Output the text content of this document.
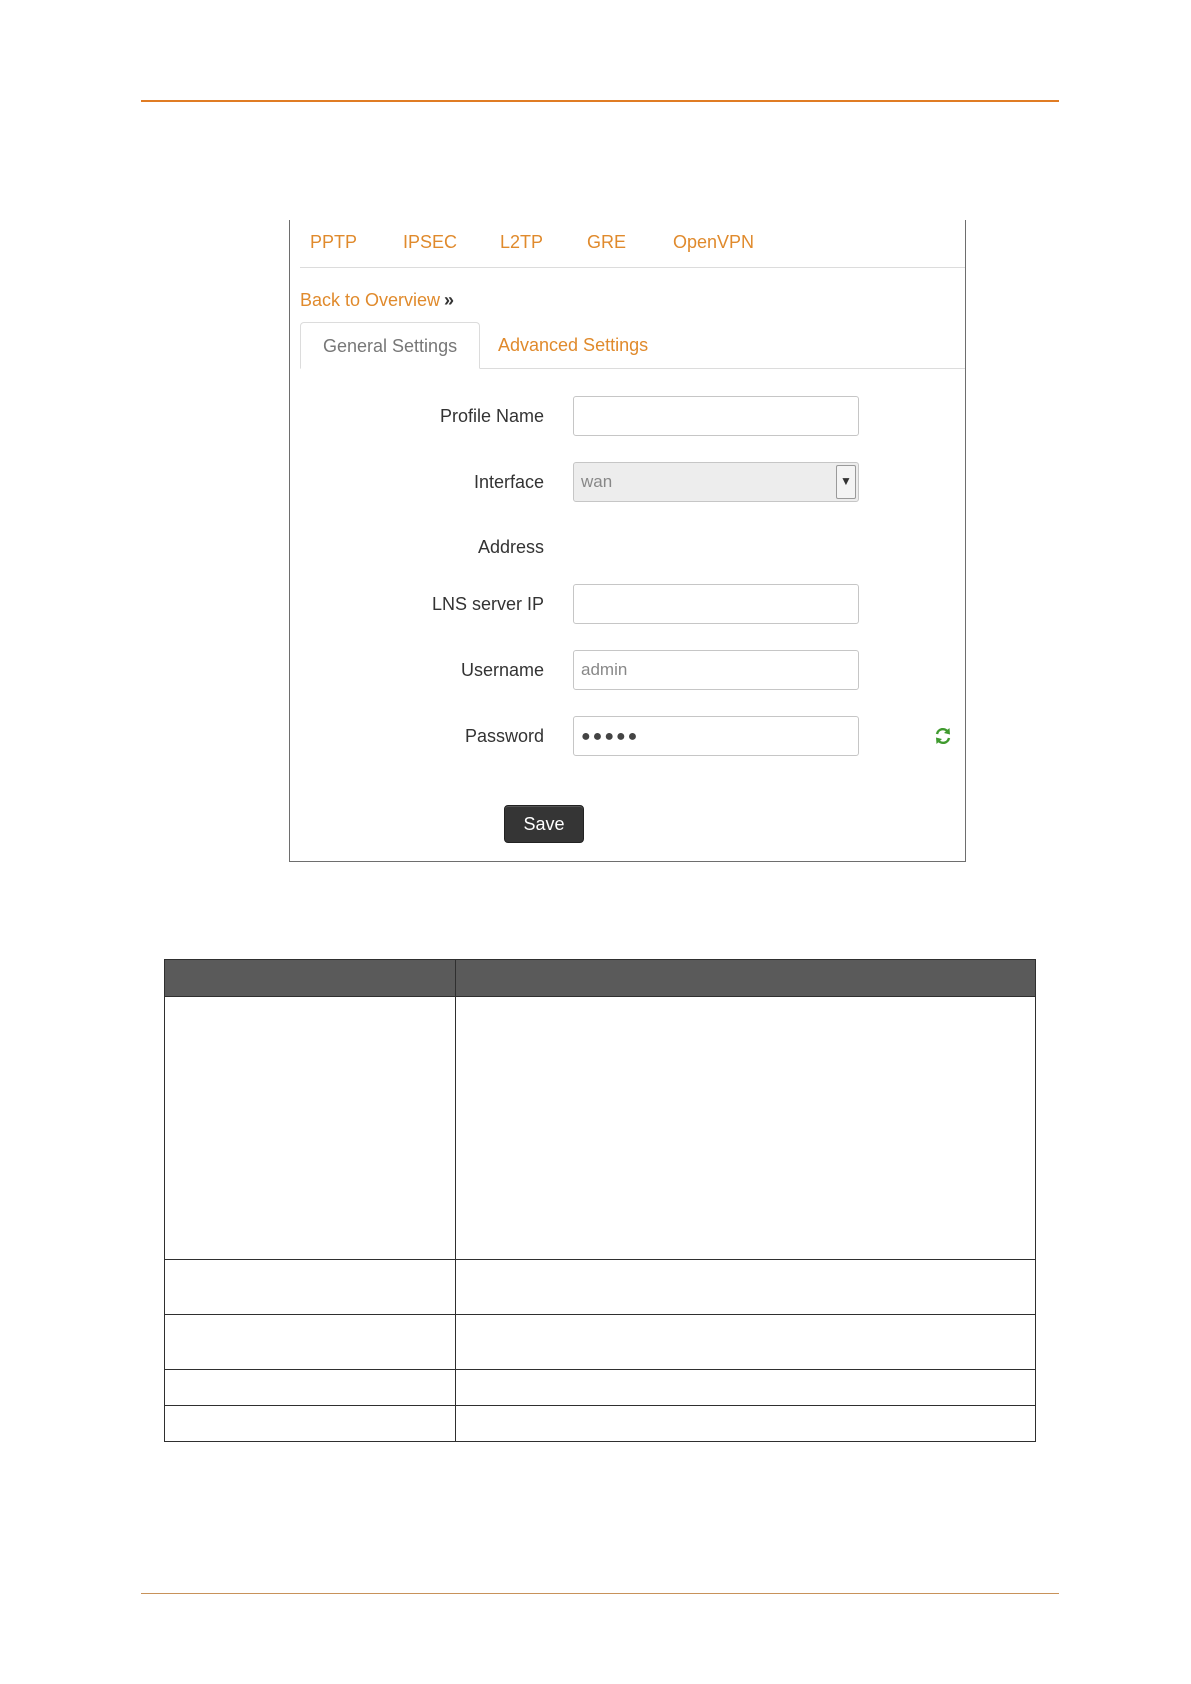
PPTP	IPSEC L2TP GRE	OpenVPN
Back to Overview »
General Settings	Advanced Settings
Profile Name
Interface	wan	▼
Address
LNS server IP
Username	admin
Password	●●●●●
Save
